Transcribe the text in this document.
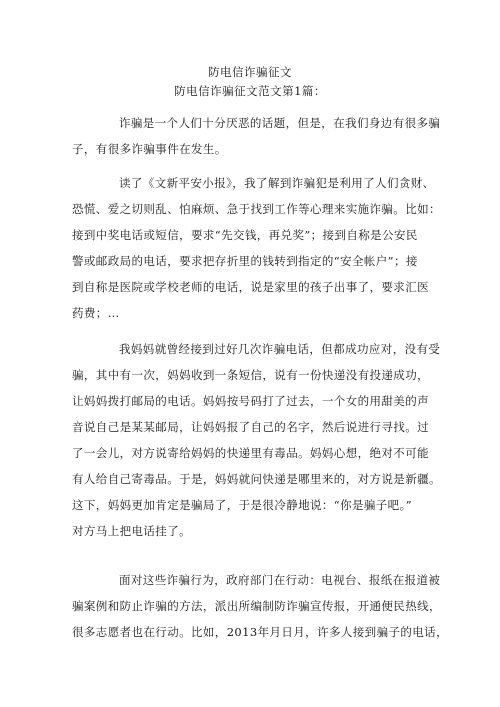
防电信诈骗征文
防电信诈骗征文范文第1篇：
诈骗是一个人们十分厌恶的话题，但是，在我们身边有很多骗
子，有很多诈骗事件在发生。
读了《文新平安小报》，我了解到诈骗犯是利用了人们贪财、
恐慌、爱之切则乱、怕麻烦、急于找到工作等心理来实施诈骗。比如：
接到中奖电话或短信，要求“先交钱，再兑奖”；接到自称是公安民
警或邮政局的电话，要求把存折里的钱转到指定的“安全帐户”；接
到自称是医院或学校老师的电话，说是家里的孩子出事了，要求汇医
药费；…
我妈妈就曾经接到过好几次诈骗电话，但都成功应对，没有受
骗，其中有一次，妈妈收到一条短信，说有一份快递没有投递成功，
让妈妈拨打邮局的电话。妈妈按号码打了过去，一个女的用甜美的声
音说自己是某某邮局，让妈妈报了自己的名字，然后说进行寻找。过
了一会儿，对方说寄给妈妈的快递里有毒品。妈妈心想，绝对不可能
有人给自己寄毒品。于是，妈妈就问快递是哪里来的，对方说是新疆。
这下，妈妈更加肯定是骗局了，于是很冷静地说：“你是骗子吧。”
对方马上把电话挂了。
面对这些诈骗行为，政府部门在行动：电视台、报纸在报道被
骗案例和防止诈骗的方法，派出所编制防诈骗宣传报，开通便民热线，
很多志愿者也在行动。比如，2013年月日月，许多人接到骗子的电话，
